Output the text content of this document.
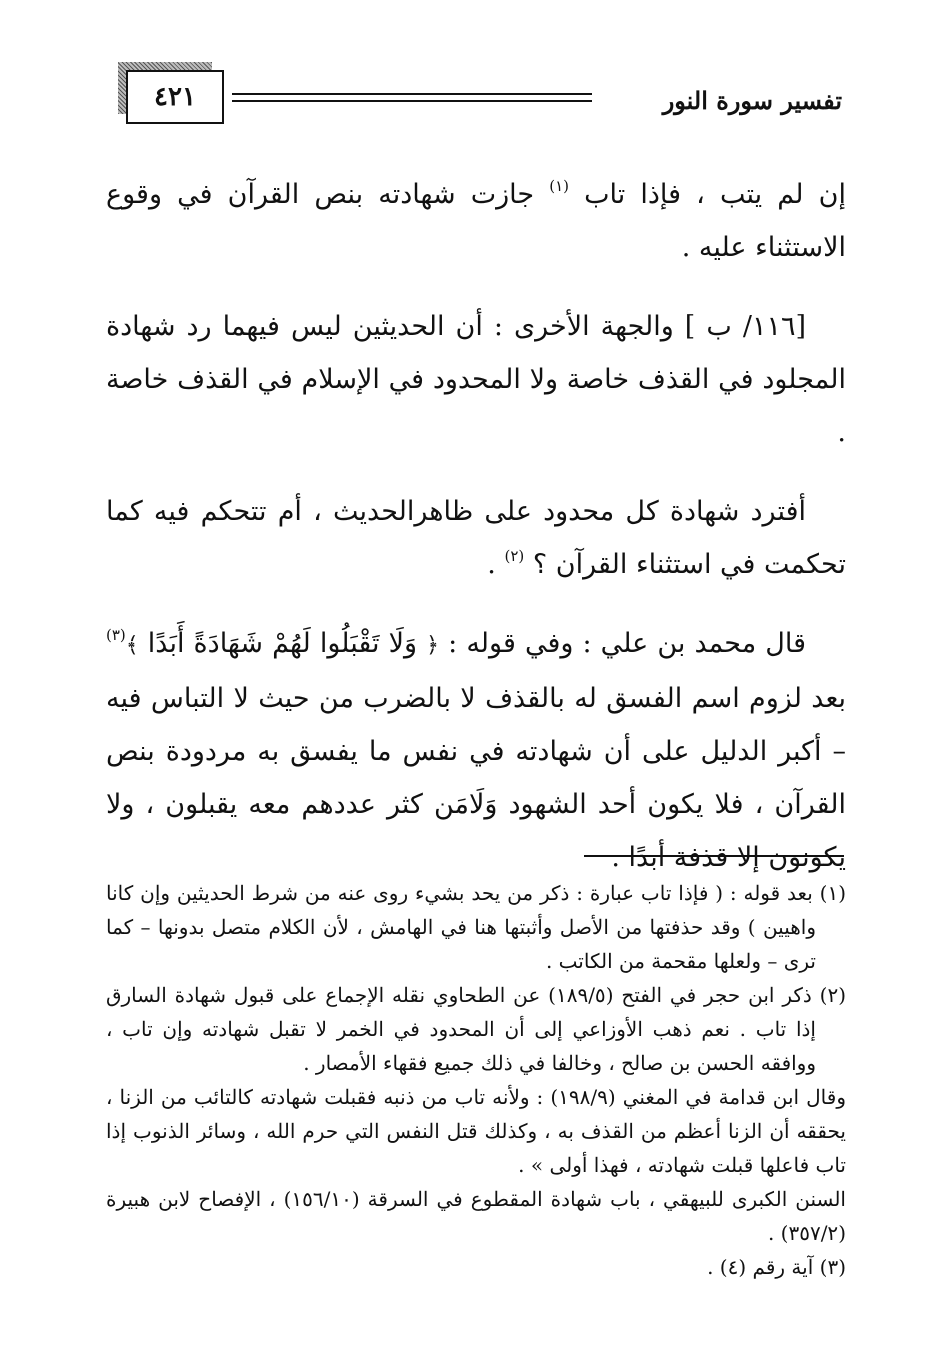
تفسير سورة النور
٤٢١

إن لم يتب ، فإذا تاب $^{(١)}$ جازت شهادته بنص القرآن في وقوع الاستثناء عليه .

[١١٦/ ب ] والجهة الأخرى : أن الحديثين ليس فيهما رد شهادة المجلود في القذف خاصة ولا المحدود في الإسلام في القذف خاصة .

أفترد شهادة كل محدود على ظاهرالحديث ، أم تتحكم فيه كما تحكمت في استثناء القرآن ؟ $^{(٢)}$ .

قال محمد بن علي : وفي قوله : ﴿ وَلَا تَقْبَلُوا لَهُمْ شَهَادَةً أَبَدًا ﴾$^{(٣)}$ بعد لزوم اسم الفسق له بالقذف لا بالضرب من حيث لا التباس فيه – أكبر الدليل على أن شهادته في نفس ما يفسق به مردودة بنص القرآن ، فلا يكون أحد الشهود وَلَامَن كثر عددهم معه يقبلون ، ولا يكونون إلا قذفة أبدًا .

(١) بعد قوله : ( فإذا تاب عبارة : ذكر من يحد بشيء روى عنه من شرط الحديثين وإن كانا واهيين ) وقد حذفتها من الأصل وأثبتها هنا في الهامش ، لأن الكلام متصل بدونها – كما ترى – ولعلها مقحمة من الكاتب .

(٢) ذكر ابن حجر في الفتح (١٨٩/٥) عن الطحاوي نقله الإجماع على قبول شهادة السارق إذا تاب . نعم ذهب الأوزاعي إلى أن المحدود في الخمر لا تقبل شهادته وإن تاب ، ووافقه الحسن بن صالح ، وخالفا في ذلك جميع فقهاء الأمصار .

وقال ابن قدامة في المغني (١٩٨/٩) : ولأنه تاب من ذنبه فقبلت شهادته كالتائب من الزنا ، يحققه أن الزنا أعظم من القذف به ، وكذلك قتل النفس التي حرم الله ، وسائر الذنوب إذا تاب فاعلها قبلت شهادته ، فهذا أولى » .

السنن الكبرى للبيهقي ، باب شهادة المقطوع في السرقة (١٥٦/١٠) ، الإفصاح لابن هبيرة (٣٥٧/٢) .

(٣) آية رقم (٤) .
